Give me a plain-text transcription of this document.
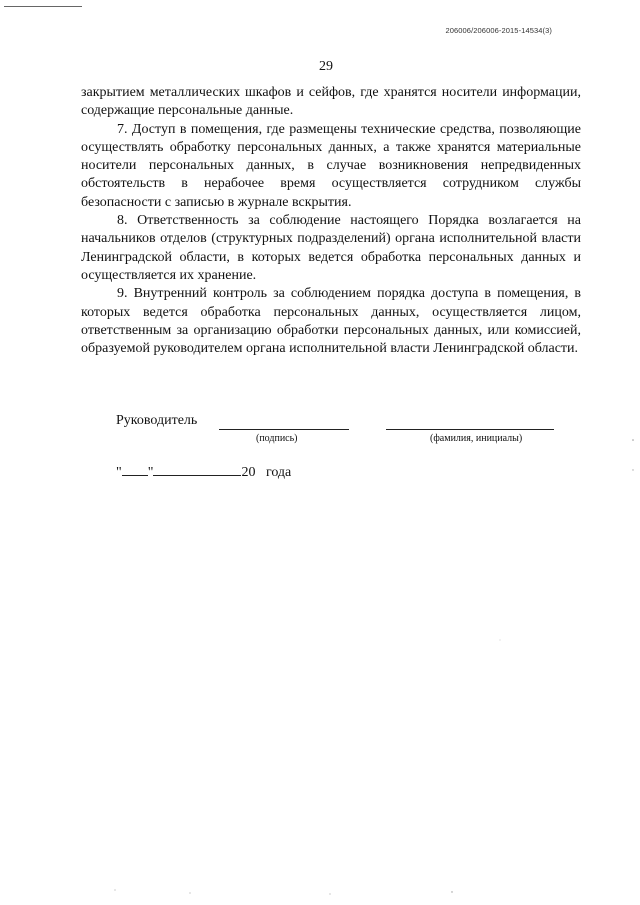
206006/206006-2015-14534(3)
29

закрытием металлических шкафов и сейфов, где хранятся носители информации, содержащие персональные данные.

7. Доступ в помещения, где размещены технические средства, позволяющие осуществлять обработку персональных данных, а также хранятся материальные носители персональных данных, в случае возникновения непредвиденных обстоятельств в нерабочее время осуществляется сотрудником службы безопасности с записью в журнале вскрытия.

8. Ответственность за соблюдение настоящего Порядка возлагается на начальников отделов (структурных подразделений) органа исполнительной власти Ленинградской области, в которых ведется обработка персональных данных и осуществляется их хранение.

9. Внутренний контроль за соблюдением порядка доступа в помещения, в которых ведется обработка персональных данных, осуществляется лицом, ответственным за организацию обработки персональных данных, или комиссией, образуемой руководителем органа исполнительной власти Ленинградской области.

Руководитель
(подпись)	(фамилия, инициалы)
" "	20 года
